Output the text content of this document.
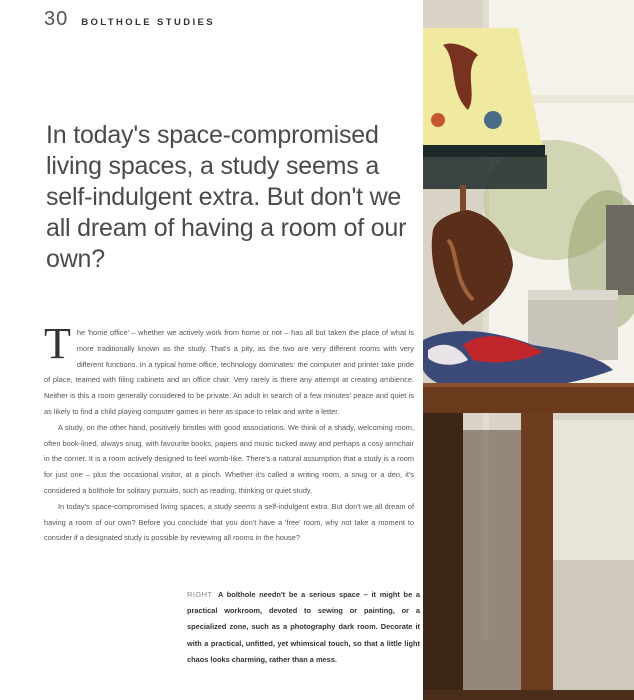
30 BOLTHOLE STUDIES

In today's space-compromised living spaces, a study seems a self-indulgent extra. But don't we all dream of having a room of our own?

The 'home office' – whether we actively work from home or not – has all but taken the place of what is more traditionally known as the study. That's a pity, as the two are very different rooms with very different functions. In a typical home office, technology dominates: the computer and printer take pride of place, teamed with filing cabinets and an office chair. Very rarely is there any attempt at creating ambience. Neither is this a room generally considered to be private. An adult in search of a few minutes' peace and quiet is as likely to find a child playing computer games in here as space to relax and write a letter.

A study, on the other hand, positively bristles with good associations. We think of a shady, welcoming room, often book-lined, always snug, with favourite books, papers and music tucked away and perhaps a cosy armchair in the corner. It is a room actively designed to feel womb-like. There's a natural assumption that a study is a room for just one – plus the occasional visitor, at a pinch. Whether it's called a writing room, a snug or a den, it's considered a bolthole for solitary pursuits, such as reading, thinking or quiet study.

In today's space-compromised living spaces, a study seems a self-indulgent extra. But don't we all dream of having a room of our own? Before you conclude that you don't have a 'free' room, why not take a moment to consider if a designated study is possible by reviewing all rooms in the house?

RIGHT A bolthole needn't be a serious space – it might be a practical workroom, devoted to sewing or painting, or a specialized zone, such as a photography dark room. Decorate it with a practical, unfitted, yet whimsical touch, so that a little light chaos looks charming, rather than a mess.
